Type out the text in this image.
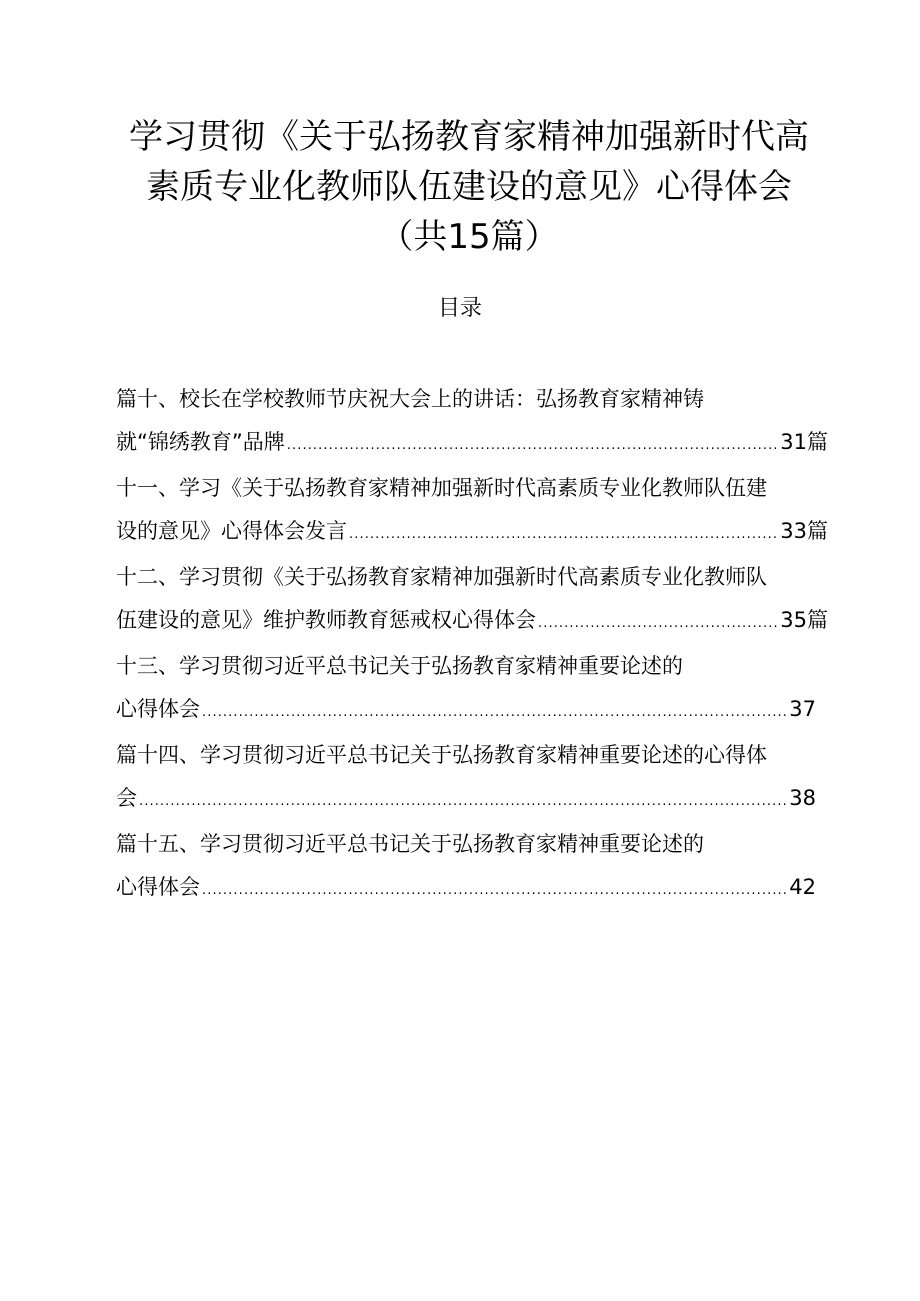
学习贯彻《关于弘扬教育家精神加强新时代高素质专业化教师队伍建设的意见》心得体会（共15篇）
目录
篇十、校长在学校教师节庆祝大会上的讲话：弘扬教育家精神铸
就“锦绣教育”品牌 .....	31篇
十一、学习《关于弘扬教育家精神加强新时代高素质专业化教师队伍建
设的意见》心得体会发言 .....	33篇
十二、学习贯彻《关于弘扬教育家精神加强新时代高素质专业化教师队
伍建设的意见》维护教师教育惩戒权心得体会 .....	35篇
十三、学习贯彻习近平总书记关于弘扬教育家精神重要论述的
心得体会 .....	37
篇十四、学习贯彻习近平总书记关于弘扬教育家精神重要论述的心得体
会 .....	38
篇十五、学习贯彻习近平总书记关于弘扬教育家精神重要论述的
心得体会 .....	42
